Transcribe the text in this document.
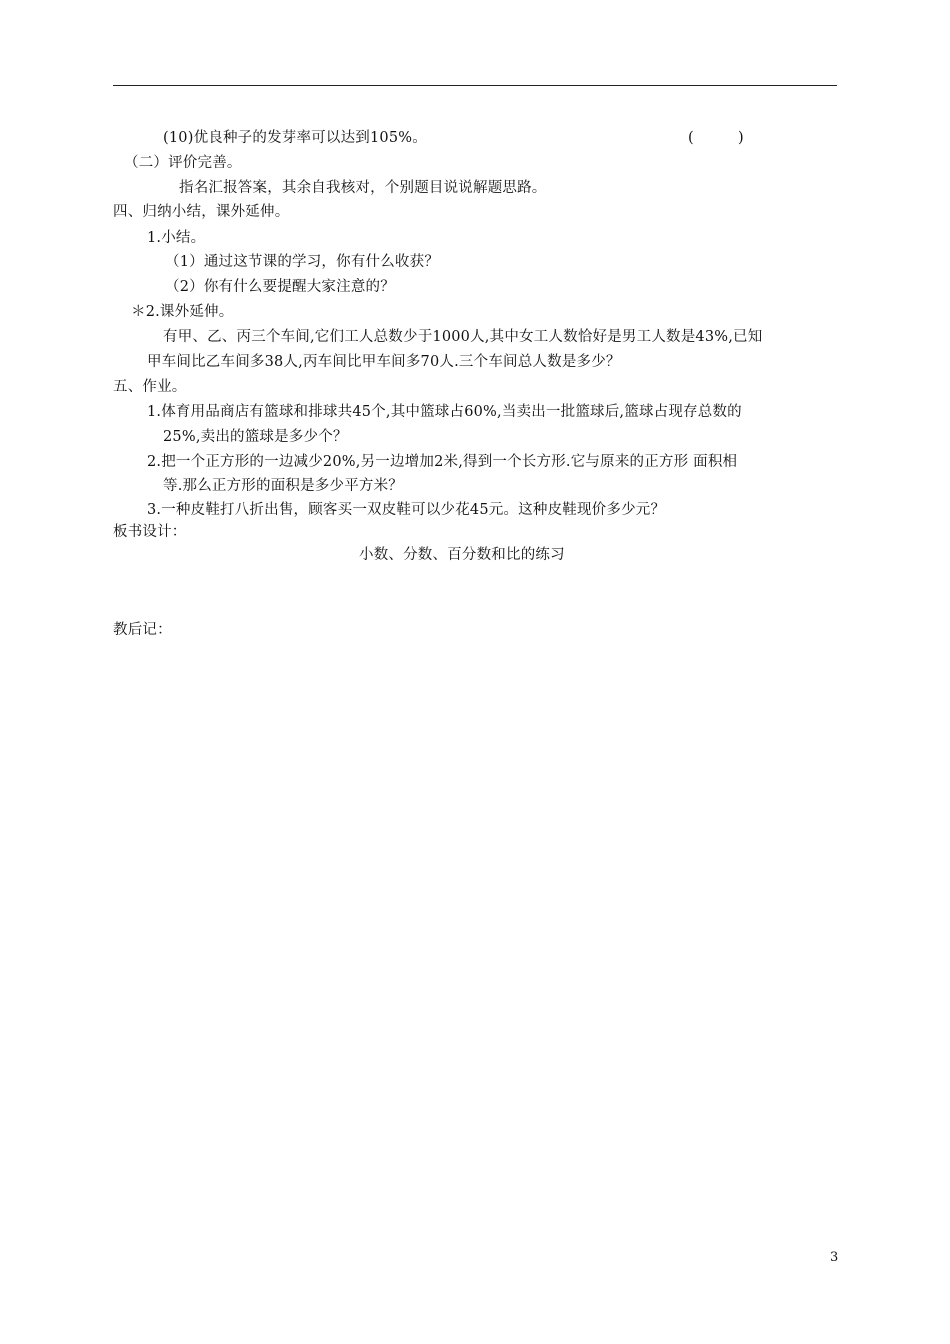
(10)优良种子的发芽率可以达到105%。	(	)
（二）评价完善。
指名汇报答案，其余自我核对，个别题目说说解题思路。
四、归纳小结，课外延伸。
1.小结。
（1）通过这节课的学习，你有什么收获？
（2）你有什么要提醒大家注意的？
＊2.课外延伸。
有甲、乙、丙三个车间,它们工人总数少于1000人,其中女工人数恰好是男工人数是43%,已知
甲车间比乙车间多38人,丙车间比甲车间多70人.三个车间总人数是多少？
五、作业。
1.体育用品商店有篮球和排球共45个,其中篮球占60%,当卖出一批篮球后,篮球占现存总数的
25%,卖出的篮球是多少个？
2.把一个正方形的一边减少20%,另一边增加2米,得到一个长方形.它与原来的正方形 面积相
等.那么正方形的面积是多少平方米？
3.一种皮鞋打八折出售，顾客买一双皮鞋可以少花45元。这种皮鞋现价多少元？
板书设计：
小数、分数、百分数和比的练习
教后记：
3
